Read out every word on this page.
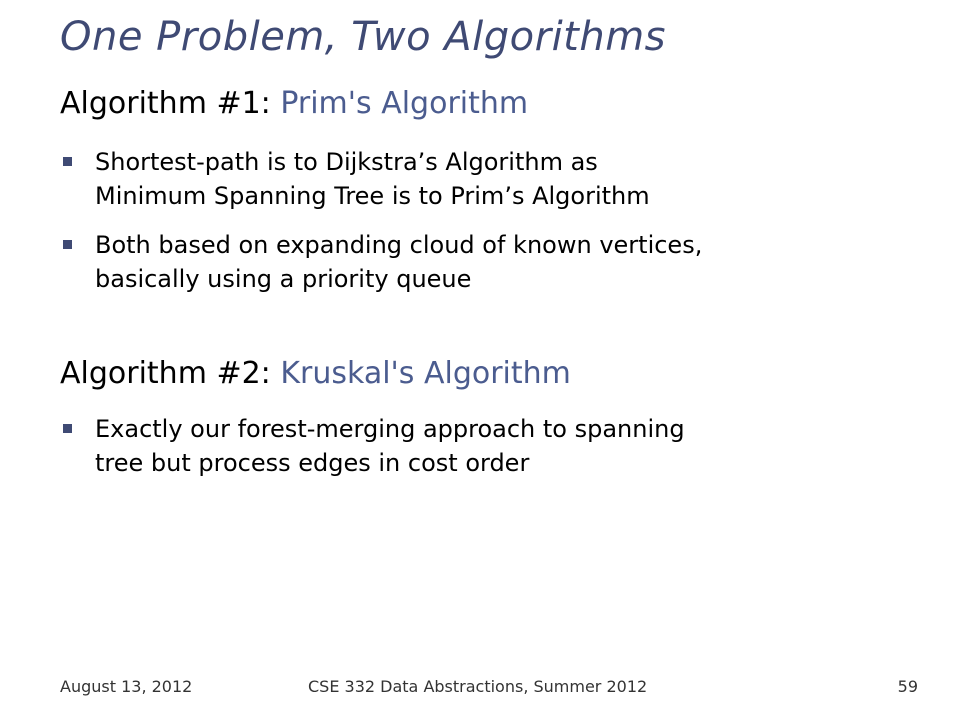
One Problem, Two Algorithms
Algorithm #1: Prim's Algorithm
Shortest-path is to Dijkstra’s Algorithm as
Minimum Spanning Tree is to Prim’s Algorithm
Both based on expanding cloud of known vertices,
basically using a priority queue
Algorithm #2: Kruskal's Algorithm
Exactly our forest-merging approach to spanning
tree but process edges in cost order
August 13, 2012	CSE 332 Data Abstractions, Summer 2012	59
